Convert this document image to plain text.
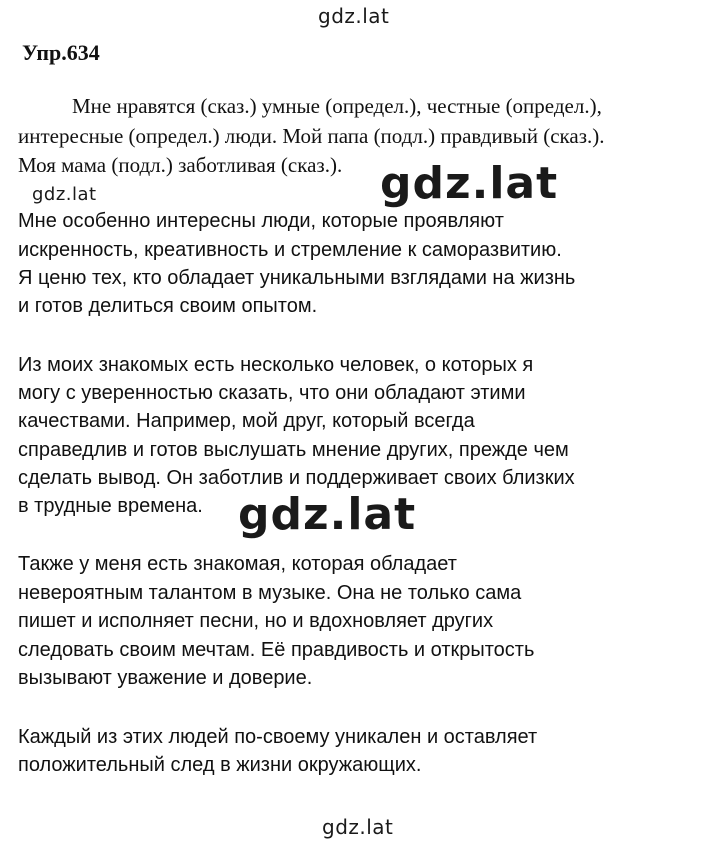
gdz.lat
gdz.lat	gdz.lat
gdz.lat
gdz.lat
Упр.634
Мне нравятся (сказ.) умные (определ.), честные (определ.),
интересные (определ.) люди. Мой папа (подл.) правдивый (сказ.).
Моя мама (подл.) заботливая (сказ.).
Мне особенно интересны люди, которые проявляют
искренность, креативность и стремление к саморазвитию.
Я ценю тех, кто обладает уникальными взглядами на жизнь
и готов делиться своим опытом.
Из моих знакомых есть несколько человек, о которых я
могу с уверенностью сказать, что они обладают этими
качествами. Например, мой друг, который всегда
справедлив и готов выслушать мнение других, прежде чем
сделать вывод. Он заботлив и поддерживает своих близких
в трудные времена.
Также у меня есть знакомая, которая обладает
невероятным талантом в музыке. Она не только сама
пишет и исполняет песни, но и вдохновляет других
следовать своим мечтам. Её правдивость и открытость
вызывают уважение и доверие.
Каждый из этих людей по-своему уникален и оставляет
положительный след в жизни окружающих.
